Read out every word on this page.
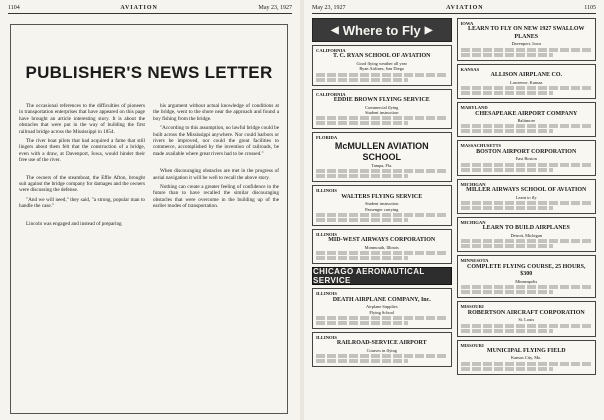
1104	AVIATION	May 23, 1927
PUBLISHER'S NEWS LETTER

The occasional references to the difficulties of pioneers in transportation enterprises that have appeared on this page have brought an article interesting story. It is about the obstacles that were put in the way of building the first railroad bridge across the Mississippi in 1854.

The river boat pilots that had acquired a fame that still lingers about them felt that the construction of a bridge, even with a draw, at Davenport, Iowa, would hinder their free use of the river.

The owners of the steamboat, the Effie Afton, brought suit against the bridge company for damages and the owners were discussing the defense.

"And we will need," they said, "a strong, popular man to handle the case."

Lincoln was engaged and instead of preparing

his argument without actual knowledge of conditions at the bridge, went to the shore near the approach and found a boy fishing from the bridge.

"According to this assumption, no lawful bridge could be built across the Mississippi anywhere. Nor could harbors or rivers be improved, nor could the great facilities to commerce, accomplished by the invention of railroads, be made available where great rivers had to be crossed."

When discouraging obstacles are met in the progress of aerial navigation it will be well to recall the above story.

Nothing can create a greater feeling of confidence in the future than to have recalled the similar discouraging obstacles that were overcome in the building up of the earlier modes of transportation.

May 23, 1927	AVIATION	1105
◀ Where to Fly ▶
CALIFORNIA
T. C. RYAN SCHOOL OF AVIATION
Good flying weather all year
Ryan Airlines, San Diego
CALIFORNIA
EDDIE BROWN FLYING SERVICE
Commercial flying
Student instruction
FLORIDA
McMULLEN AVIATION SCHOOL
Tampa, Fla.
ILLINOIS
WALTERS FLYING SERVICE
Student instruction
Passenger carrying
ILLINOIS
MID-WEST AIRWAYS CORPORATION
Monmouth, Illinois
CHICAGO AERONAUTICAL SERVICE
ILLINOIS
DEATH AIRPLANE COMPANY, Inc.
Airplane Supplies
Flying School
ILLINOIS
RAILROAD-SERVICE AIRPORT
Courses in flying
IOWA
LEARN TO FLY ON NEW 1927 SWALLOW PLANES
Davenport, Iowa
KANSAS
ALLISON AIRPLANE CO.
Lawrence, Kansas
MARYLAND
CHESAPEAKE AIRPORT COMPANY
Baltimore
MASSACHUSETTS
BOSTON AIRPORT CORPORATION
East Boston
MICHIGAN
MILLER AIRWAYS SCHOOL OF AVIATION
Learn to fly
MICHIGAN
LEARN TO BUILD AIRPLANES
Detroit, Michigan
MINNESOTA
COMPLETE FLYING COURSE, 25 HOURS, $300
Minneapolis
MISSOURI
ROBERTSON AIRCRAFT CORPORATION
St. Louis
MISSOURI
MUNICIPAL FLYING FIELD
Kansas City, Mo.
